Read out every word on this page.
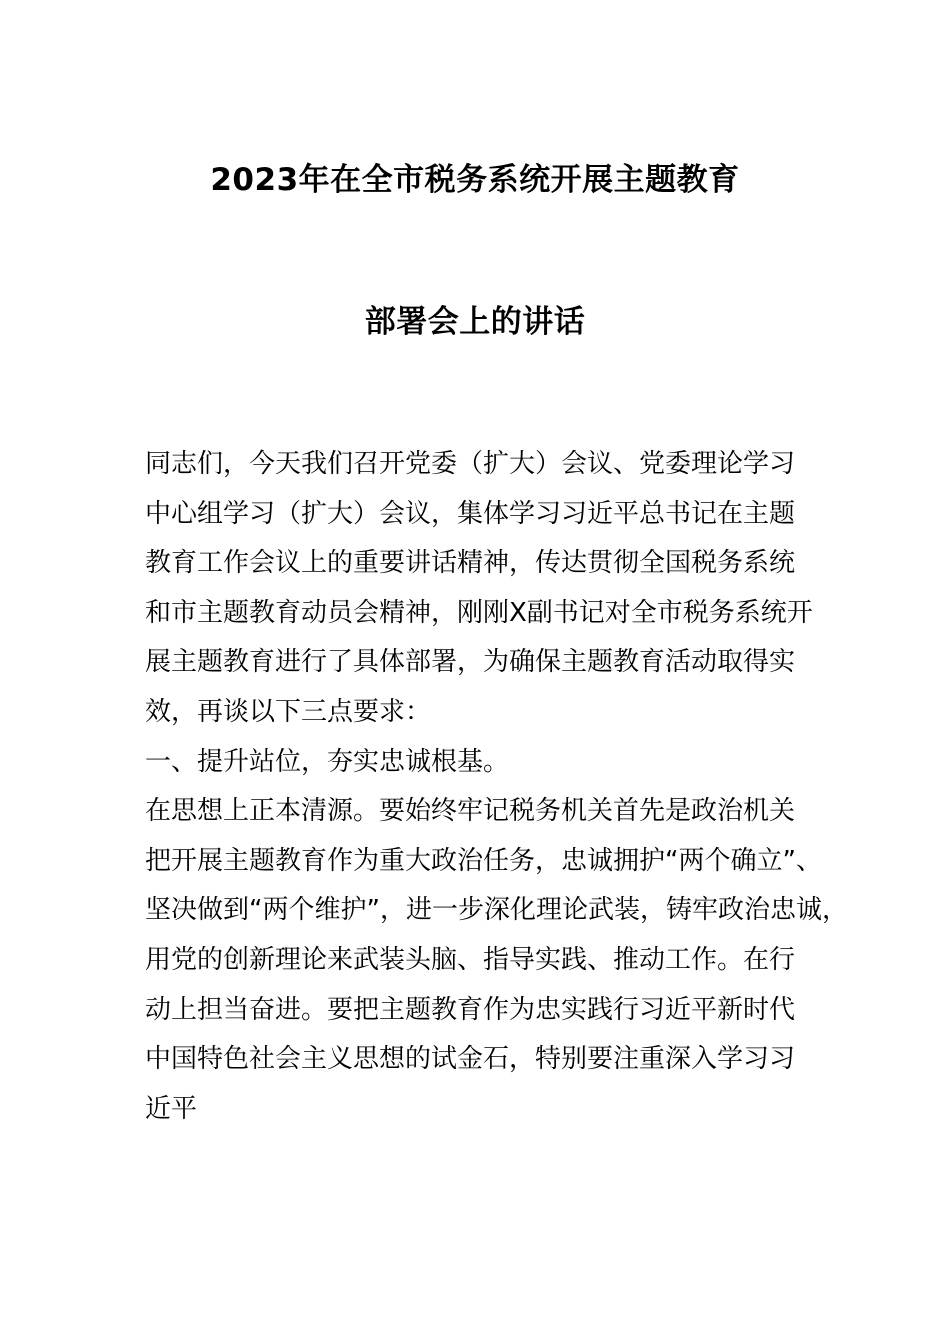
2023年在全市税务系统开展主题教育
部署会上的讲话
同志们，今天我们召开党委（扩大）会议、党委理论学习
中心组学习（扩大）会议，集体学习习近平总书记在主题
教育工作会议上的重要讲话精神，传达贯彻全国税务系统
和市主题教育动员会精神，刚刚X副书记对全市税务系统开
展主题教育进行了具体部署，为确保主题教育活动取得实
效，再谈以下三点要求：
一、提升站位，夯实忠诚根基。
在思想上正本清源。要始终牢记税务机关首先是政治机关
把开展主题教育作为重大政治任务，忠诚拥护“两个确立”、
坚决做到“两个维护”，进一步深化理论武装，铸牢政治忠诚，
用党的创新理论来武装头脑、指导实践、推动工作。在行
动上担当奋进。要把主题教育作为忠实践行习近平新时代
中国特色社会主义思想的试金石，特别要注重深入学习习
近平
